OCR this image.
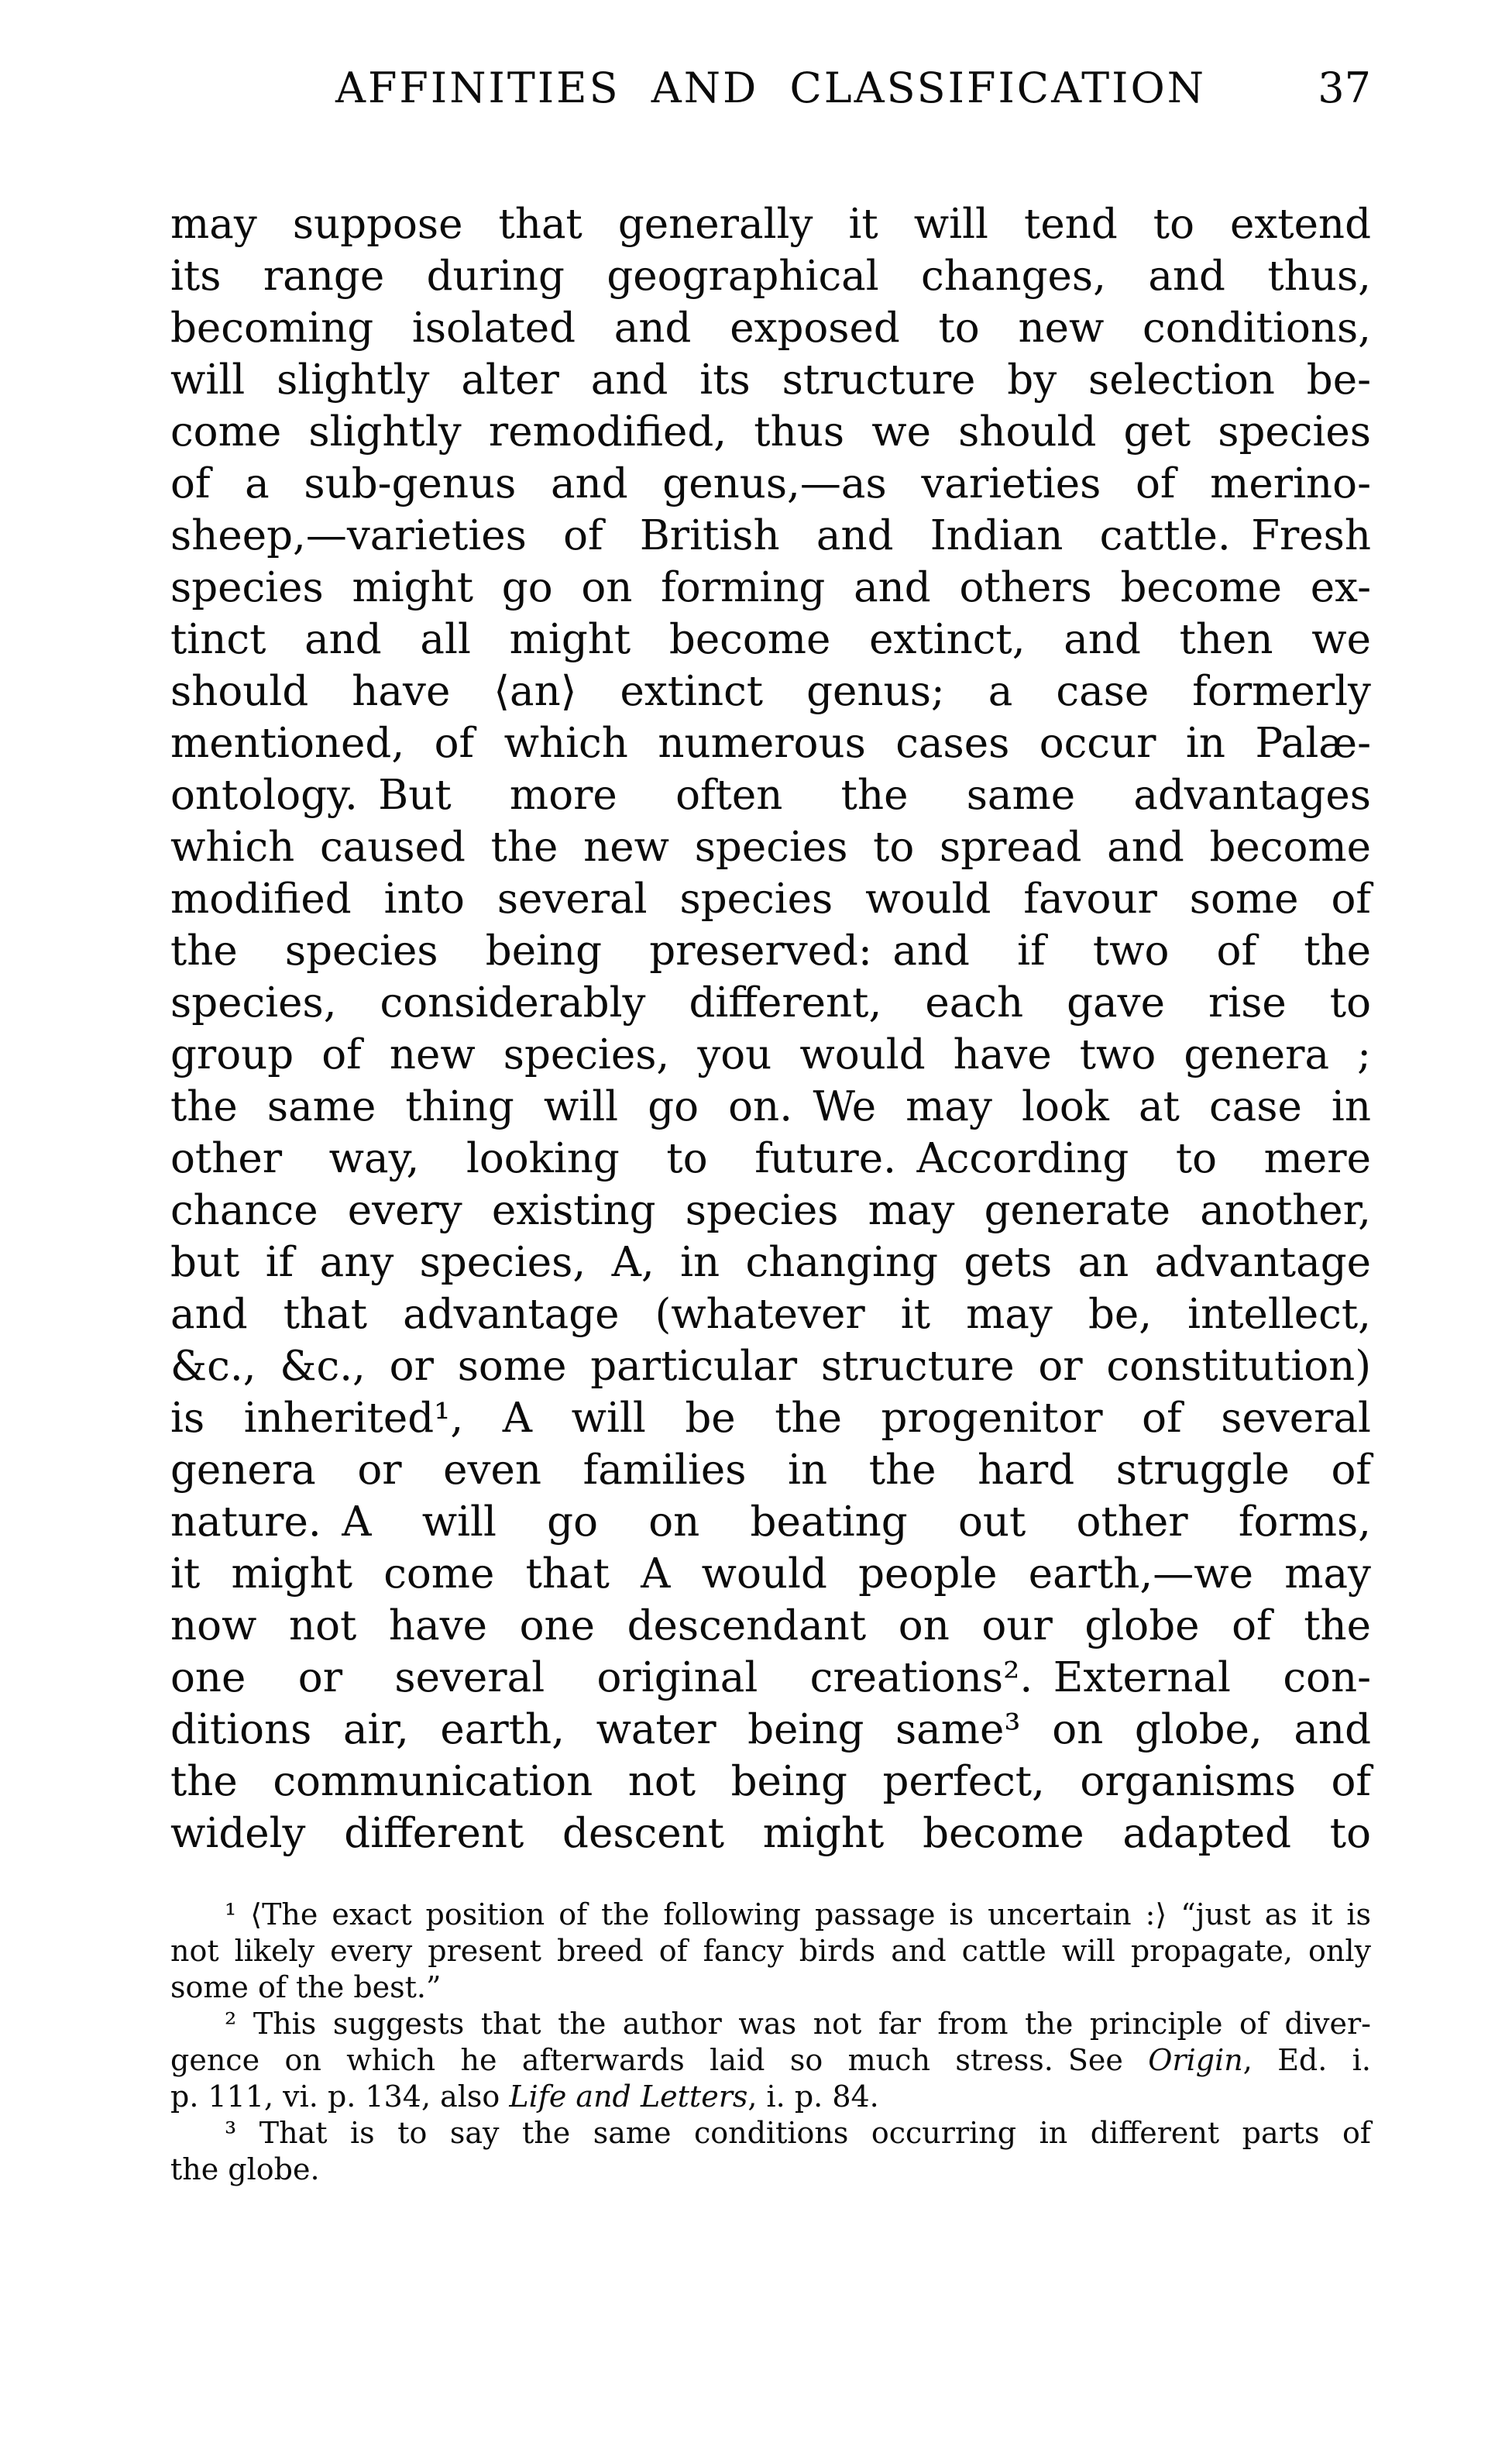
AFFINITIES AND CLASSIFICATION	37
may suppose that generally it will tend to extend
its range during geographical changes, and thus,
becoming isolated and exposed to new conditions,
will slightly alter and its structure by selection be-
come slightly remodified, thus we should get species
of a sub-genus and genus,—as varieties of merino-
sheep,—varieties of British and Indian cattle. Fresh
species might go on forming and others become ex-
tinct and all might become extinct, and then we
should have ⟨an⟩ extinct genus; a case formerly
mentioned, of which numerous cases occur in Palæ-
ontology. But more often the same advantages
which caused the new species to spread and become
modified into several species would favour some of
the species being preserved: and if two of the
species, considerably different, each gave rise to
group of new species, you would have two genera ;
the same thing will go on. We may look at case in
other way, looking to future. According to mere
chance every existing species may generate another,
but if any species, A, in changing gets an advantage
and that advantage (whatever it may be, intellect,
&c., &c., or some particular structure or constitution)
is inherited¹, A will be the progenitor of several
genera or even families in the hard struggle of
nature. A will go on beating out other forms,
it might come that A would people earth,—we may
now not have one descendant on our globe of the
one or several original creations². External con-
ditions air, earth, water being same³ on globe, and
the communication not being perfect, organisms of
widely different descent might become adapted to
¹ ⟨The exact position of the following passage is uncertain :⟩ “just as it is
not likely every present breed of fancy birds and cattle will propagate, only
some of the best.”
² This suggests that the author was not far from the principle of diver-
gence on which he afterwards laid so much stress. See Origin, Ed. i.
p. 111, vi. p. 134, also Life and Letters, i. p. 84.
³ That is to say the same conditions occurring in different parts of
the globe.
